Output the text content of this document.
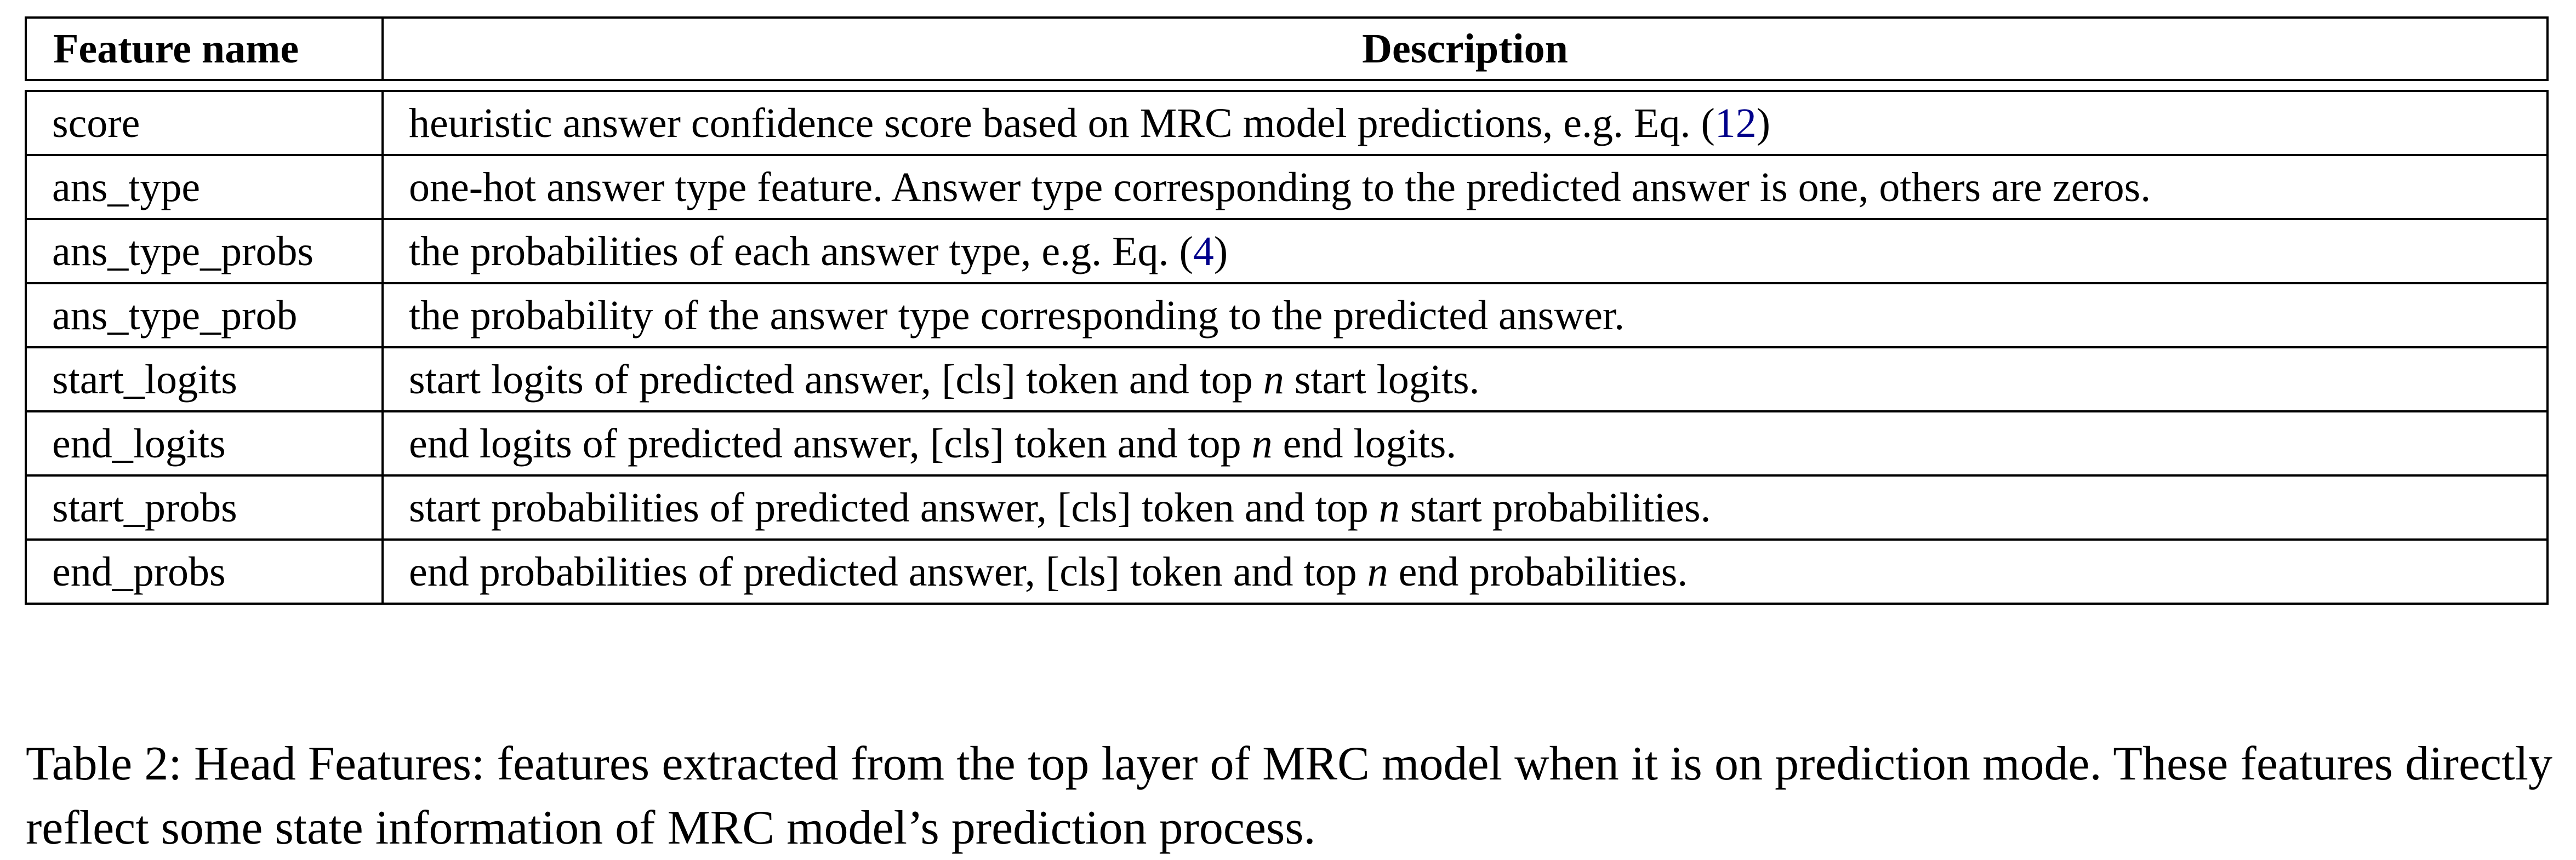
Feature name	Description

score	heuristic answer confidence score based on MRC model predictions, e.g. Eq. (12)
ans_type	one-hot answer type feature. Answer type corresponding to the predicted answer is one, others are zeros.
ans_type_probs	the probabilities of each answer type, e.g. Eq. (4)
ans_type_prob	the probability of the answer type corresponding to the predicted answer.
start_logits	start logits of predicted answer, [cls] token and top n start logits.
end_logits	end logits of predicted answer, [cls] token and top n end logits.
start_probs	start probabilities of predicted answer, [cls] token and top n start probabilities.
end_probs	end probabilities of predicted answer, [cls] token and top n end probabilities.

Table 2: Head Features: features extracted from the top layer of MRC model when it is on prediction mode. These features directly reflect some state information of MRC model’s prediction process.
